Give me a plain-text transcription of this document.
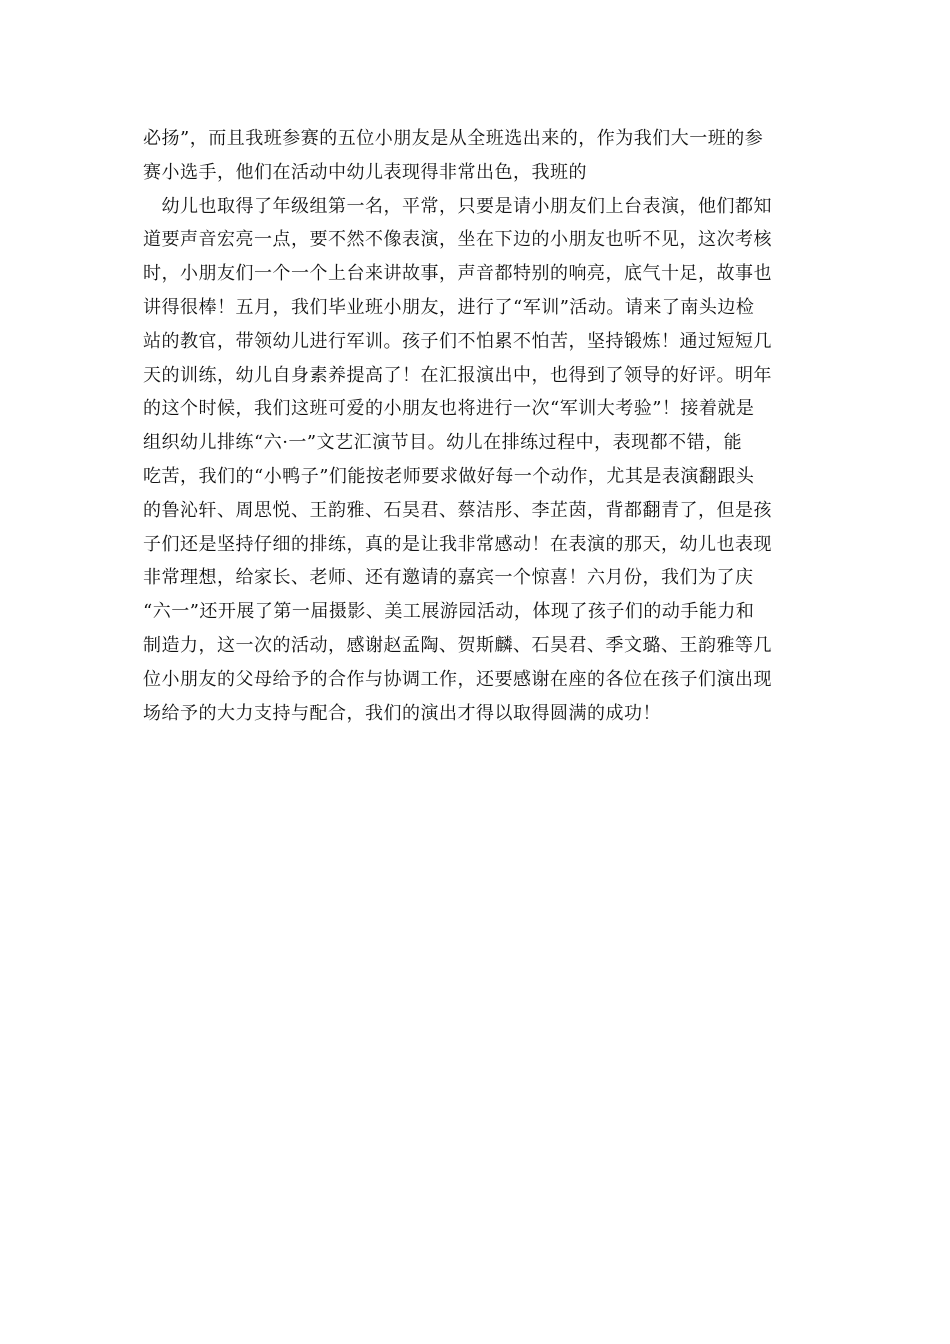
必扬”，而且我班参赛的五位小朋友是从全班选出来的，作为我们大一班的参
赛小选手，他们在活动中幼儿表现得非常出色，我班的
　幼儿也取得了年级组第一名，平常，只要是请小朋友们上台表演，他们都知
道要声音宏亮一点，要不然不像表演，坐在下边的小朋友也听不见，这次考核
时，小朋友们一个一个上台来讲故事，声音都特别的响亮，底气十足，故事也
讲得很棒！五月，我们毕业班小朋友，进行了“军训”活动。请来了南头边检
站的教官，带领幼儿进行军训。孩子们不怕累不怕苦，坚持锻炼！通过短短几
天的训练，幼儿自身素养提高了！在汇报演出中，也得到了领导的好评。明年
的这个时候，我们这班可爱的小朋友也将进行一次“军训大考验”！接着就是
组织幼儿排练“六·一”文艺汇演节目。幼儿在排练过程中，表现都不错，能
吃苦，我们的“小鸭子”们能按老师要求做好每一个动作，尤其是表演翻跟头
的鲁沁轩、周思悦、王韵雅、石昊君、蔡洁彤、李芷茵，背都翻青了，但是孩
子们还是坚持仔细的排练，真的是让我非常感动！在表演的那天，幼儿也表现
非常理想，给家长、老师、还有邀请的嘉宾一个惊喜！六月份，我们为了庆
“六一”还开展了第一届摄影、美工展游园活动，体现了孩子们的动手能力和
制造力，这一次的活动，感谢赵孟陶、贺斯麟、石昊君、季文璐、王韵雅等几
位小朋友的父母给予的合作与协调工作，还要感谢在座的各位在孩子们演出现
场给予的大力支持与配合，我们的演出才得以取得圆满的成功！
